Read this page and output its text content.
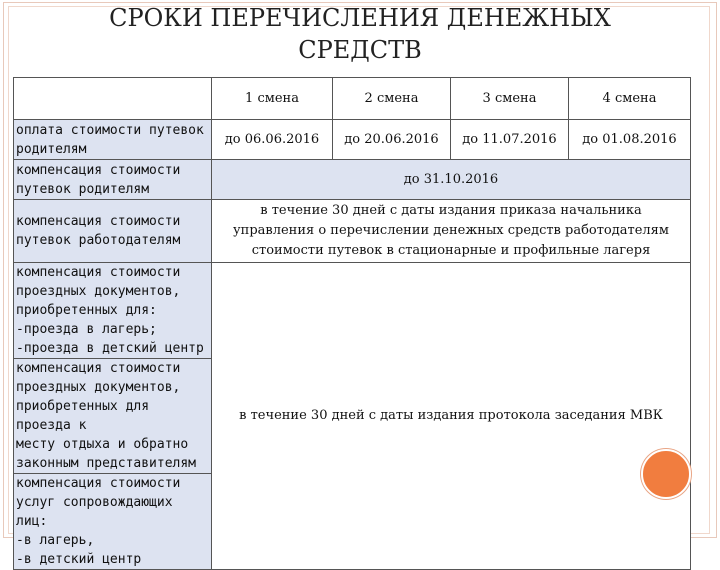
СРОКИ ПЕРЕЧИСЛЕНИЯ ДЕНЕЖНЫХ
СРЕДСТВ
	1 смена	2 смена	3 смена	4 смена
оплата стоимости путевок
родителям	до 06.06.2016	до 20.06.2016	до 11.07.2016	до 01.08.2016
компенсация стоимости
путевок родителям	до 31.10.2016			
компенсация стоимости
путевок работодателям	в течение 30 дней с даты издания приказа начальника управления о перечислении денежных средств работодателям стоимости путевок в стационарные и профильные лагеря			
компенсация стоимости
проездных документов,
приобретенных для:
-проезда в лагерь;
-проезда в детский центр	в течение 30 дней с даты издания протокола заседания МВК			
компенсация стоимости
проездных документов,
приобретенных для проезда к
месту отдыха и обратно
законным представителям				
компенсация стоимости
услуг сопровождающих лиц:
-в лагерь,
-в детский центр				
